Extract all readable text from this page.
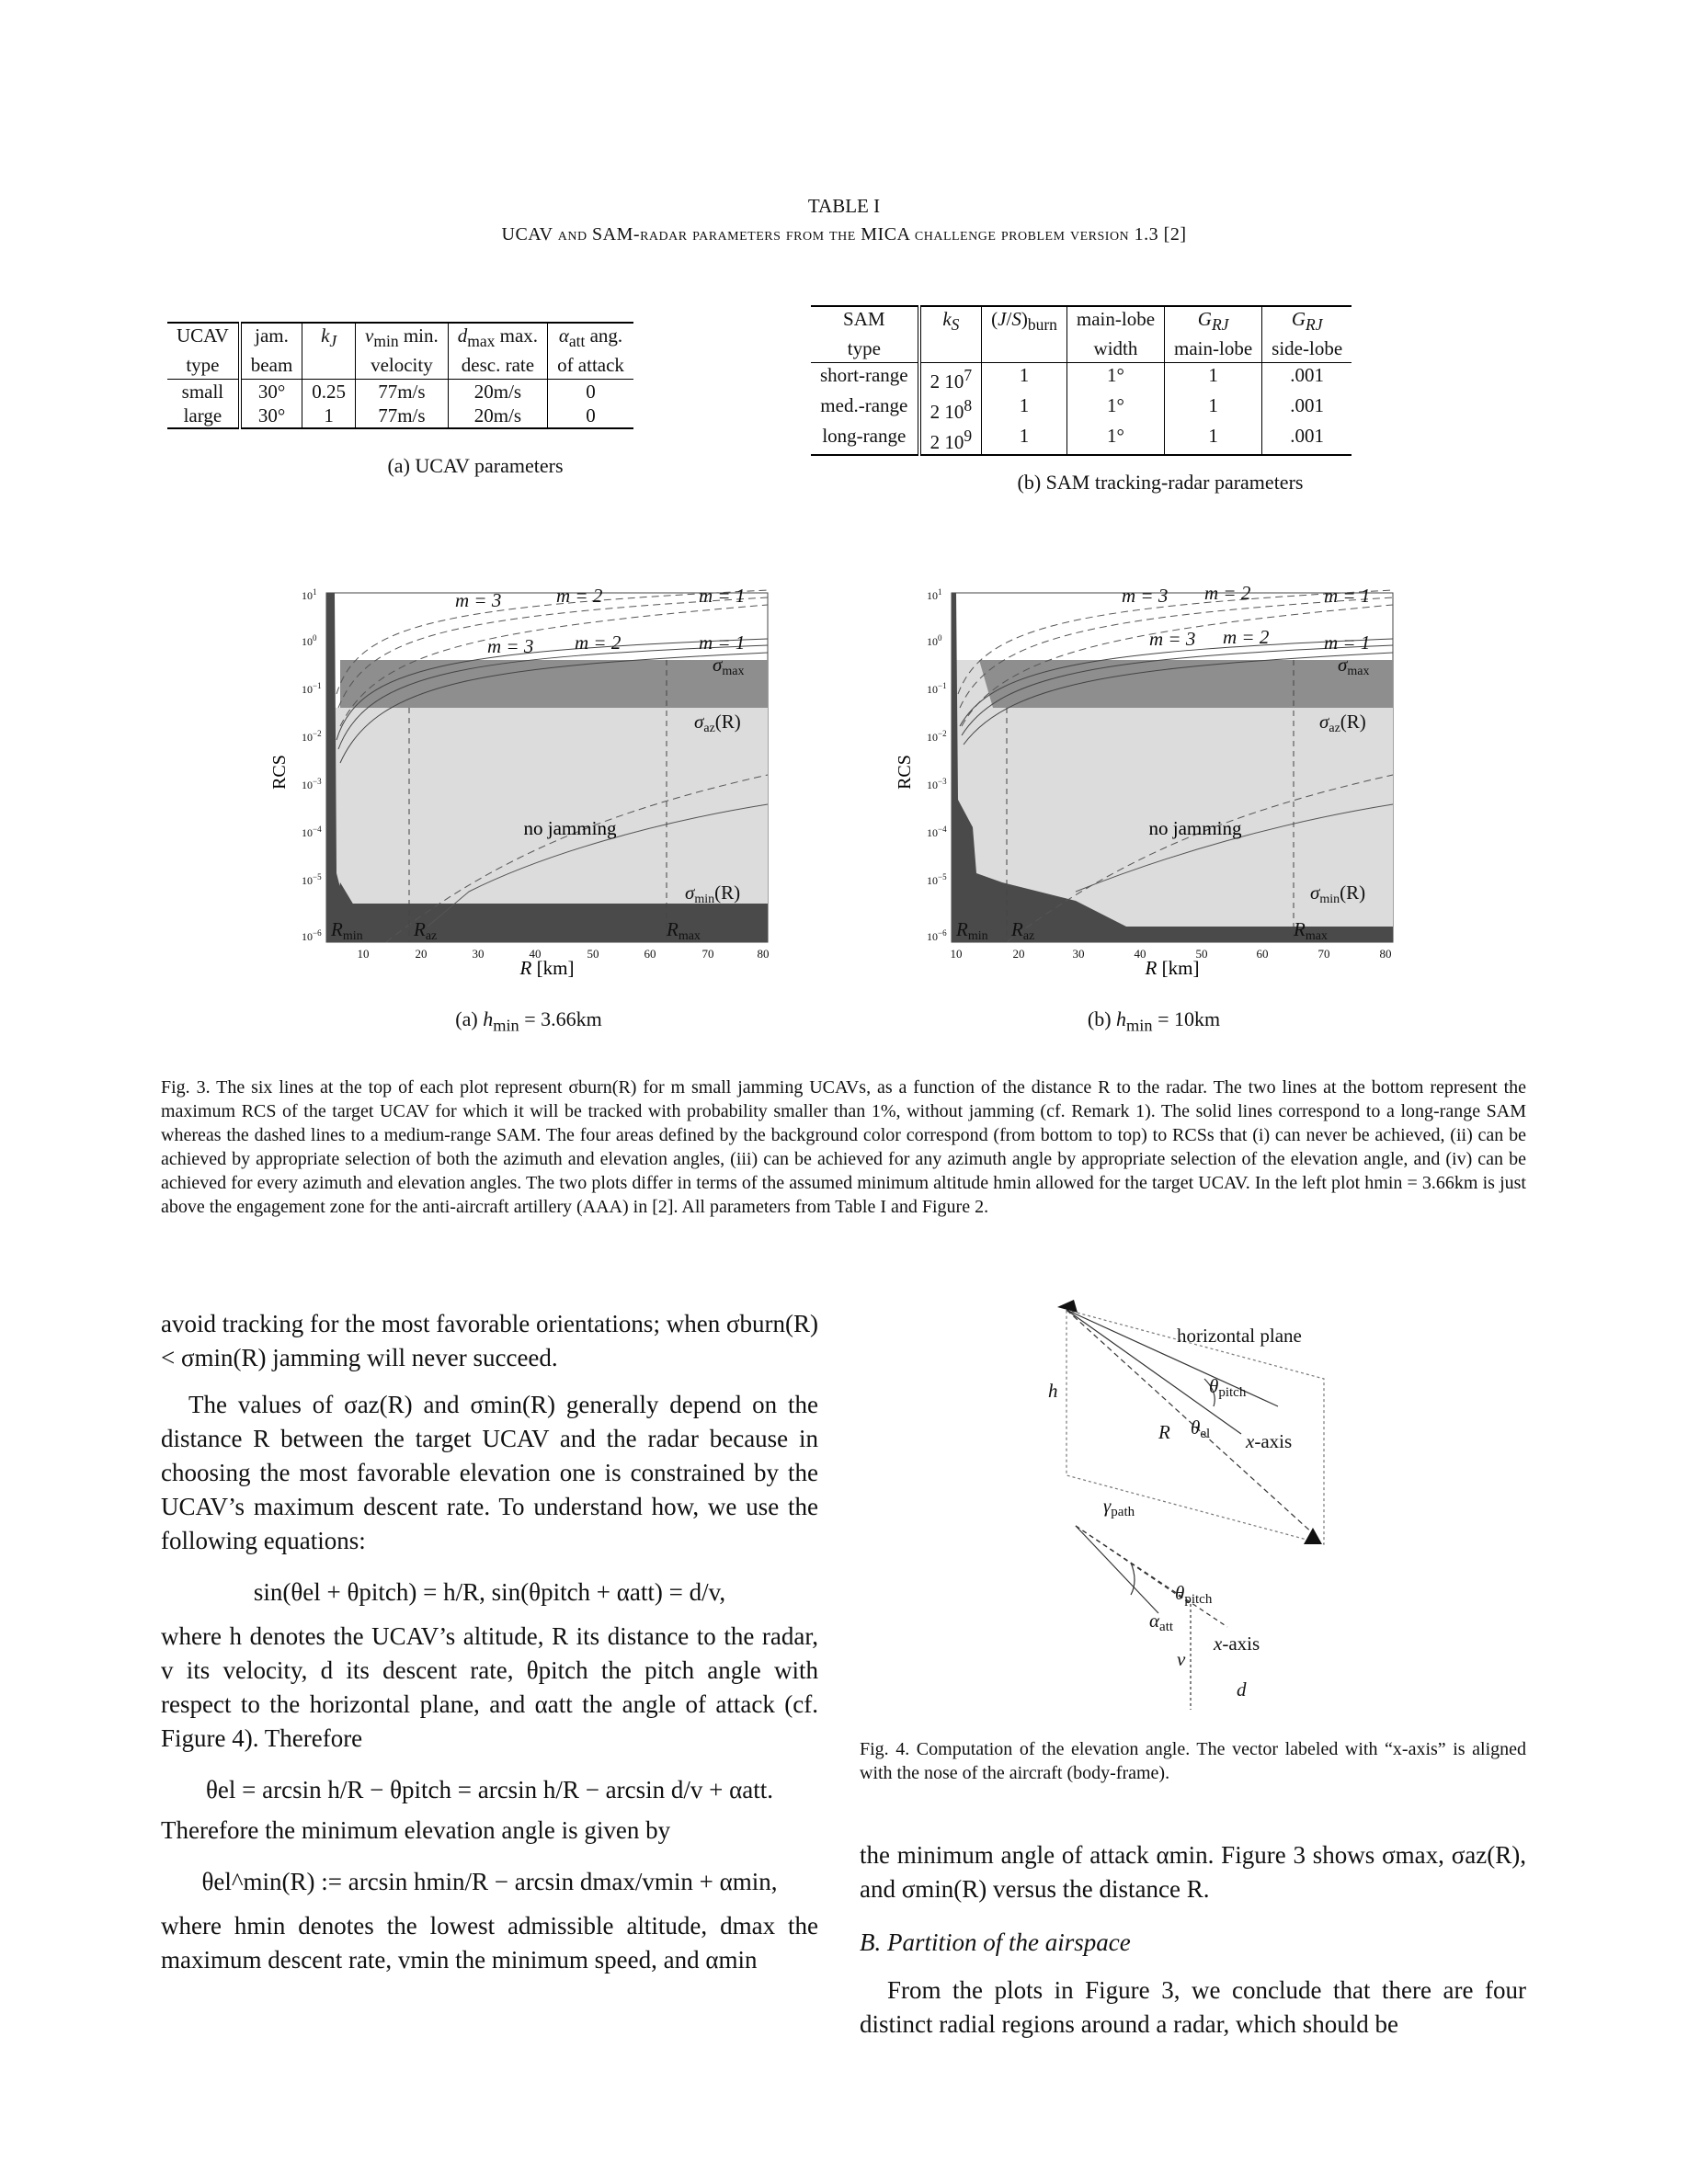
TABLE I
UCAV and SAM-radar parameters from the MICA challenge problem version 1.3 [2]
UCAV	jam.	$k_J$	$v_{min}$ min.	$d_{max}$ max.	$\alpha_{att}$ ang.
type	beam		velocity	desc. rate	of attack
small	30°	0.25	77m/s	20m/s	0
large	30°	1	77m/s	20m/s	0
(a) UCAV parameters
SAM	$k_S$	$(J/S)_{burn}$	main-lobe	$G_{RJ}$	$G_{RJ}$
type			width	main-lobe	side-lobe
short-range	2 $10^7$	1	1°	1	.001
med.-range	2 $10^8$	1	1°	1	.001
long-range	2 $10^9$	1	1°	1	.001
(b) SAM tracking-radar parameters
$10^1$
$10^0$
$10^{-1}$
$10^{-2}$
$10^{-3}$
$10^{-4}$
$10^{-5}$
$10^{-6}$
10	20	30	40	50	60	70	80
RCS
R [km]
m = 3	m = 2	m = 1
m = 3 m = 2	m = 1
σmax
σaz(R)
σmin(R)
Rmin	Raz	Rmax
no jamming
$10^1$
$10^0$
$10^{-1}$
$10^{-2}$
$10^{-3}$
$10^{-4}$
$10^{-5}$
$10^{-6}$
10	20	30	40	50	60	70	80
RCS
R [km]
m = 3 m = 2	m = 1
m = 3 m = 2	m = 1
σmax
σaz(R)
σmin(R)
Rmin Raz	Rmax
no jamming
(a) $h_{min} = 3.66km$	(b) $h_{min} = 10km$
Fig. 3. The six lines at the top of each plot represent σburn(R) for m small jamming UCAVs, as a function of the distance R to the radar. The two lines at the bottom represent the maximum RCS of the target UCAV for which it will be tracked with probability smaller than 1%, without jamming (cf. Remark 1). The solid lines correspond to a long-range SAM whereas the dashed lines to a medium-range SAM. The four areas defined by the background color correspond (from bottom to top) to RCSs that (i) can never be achieved, (ii) can be achieved by appropriate selection of both the azimuth and elevation angles, (iii) can be achieved for any azimuth angle by appropriate selection of the elevation angle, and (iv) can be achieved for every azimuth and elevation angles. The two plots differ in terms of the assumed minimum altitude hmin allowed for the target UCAV. In the left plot hmin = 3.66km is just above the engagement zone for the anti-aircraft artillery (AAA) in [2]. All parameters from Table I and Figure 2.
avoid tracking for the most favorable orientations; when σburn(R) < σmin(R) jamming will never succeed.
The values of σaz(R) and σmin(R) generally depend on the distance R between the target UCAV and the radar because in choosing the most favorable elevation one is constrained by the UCAV’s maximum descent rate. To understand how, we use the following equations:
sin(θel + θpitch) = h/R, sin(θpitch + αatt) = d/v,
where h denotes the UCAV’s altitude, R its distance to the radar, v its velocity, d its descent rate, θpitch the pitch angle with respect to the horizontal plane, and αatt the angle of attack (cf. Figure 4). Therefore
θel = arcsin h/R − θpitch = arcsin h/R − arcsin d/v + αatt.
Therefore the minimum elevation angle is given by
θel^min(R) := arcsin hmin/R − arcsin dmax/vmin + αmin,
where hmin denotes the lowest admissible altitude, dmax the maximum descent rate, vmin the minimum speed, and αmin
horizontal plane
h
R
θpitch
x-axis
θel
γpath
θpitch
αatt
x-axis
v
d
Fig. 4. Computation of the elevation angle. The vector labeled with “x-axis” is aligned with the nose of the aircraft (body-frame).
the minimum angle of attack αmin. Figure 3 shows σmax, σaz(R), and σmin(R) versus the distance R.
B. Partition of the airspace
From the plots in Figure 3, we conclude that there are four distinct radial regions around a radar, which should be
